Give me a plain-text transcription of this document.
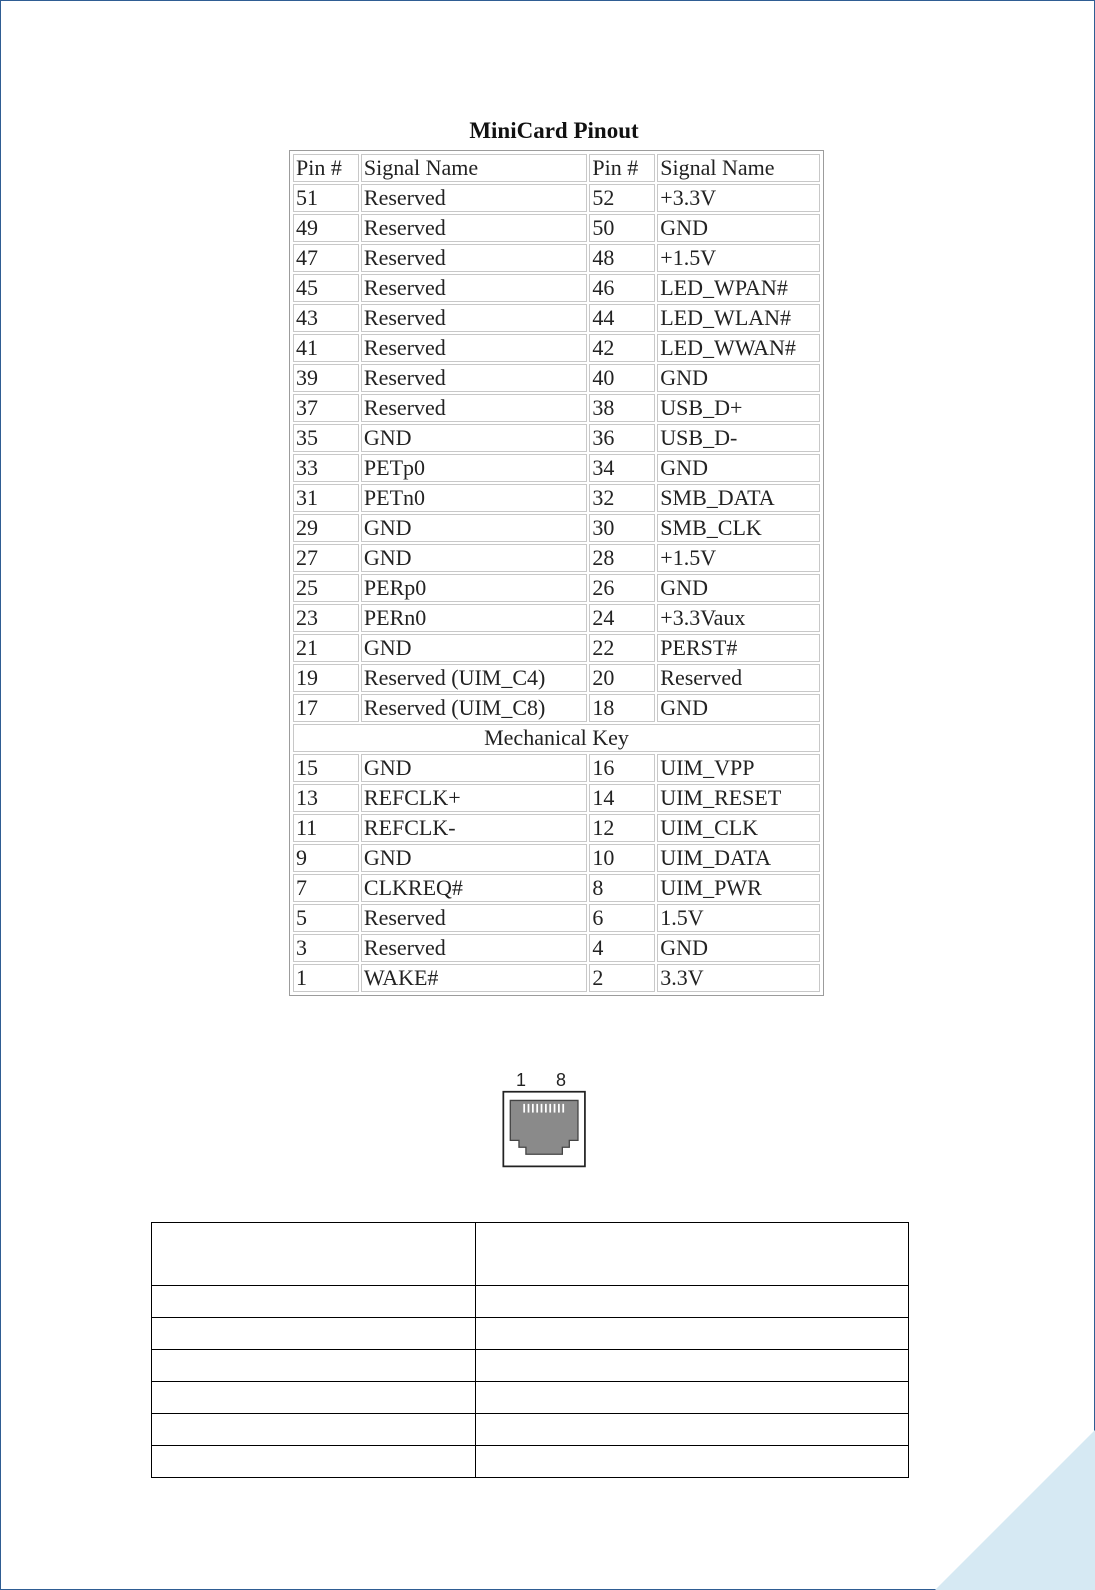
MiniCard Pinout
Pin #	Signal Name	Pin #	Signal Name
51	Reserved	52	+3.3V
49	Reserved	50	GND
47	Reserved	48	+1.5V
45	Reserved	46	LED_WPAN#
43	Reserved	44	LED_WLAN#
41	Reserved	42	LED_WWAN#
39	Reserved	40	GND
37	Reserved	38	USB_D+
35	GND	36	USB_D-
33	PETp0	34	GND
31	PETn0	32	SMB_DATA
29	GND	30	SMB_CLK
27	GND	28	+1.5V
25	PERp0	26	GND
23	PERn0	24	+3.3Vaux
21	GND	22	PERST#
19	Reserved (UIM_C4)	20	Reserved
17	Reserved (UIM_C8)	18	GND
Mechanical Key			
15	GND	16	UIM_VPP
13	REFCLK+	14	UIM_RESET
11	REFCLK-	12	UIM_CLK
9	GND	10	UIM_DATA
7	CLKREQ#	8	UIM_PWR
5	Reserved	6	1.5V
3	Reserved	4	GND
1	WAKE#	2	3.3V
1 8
